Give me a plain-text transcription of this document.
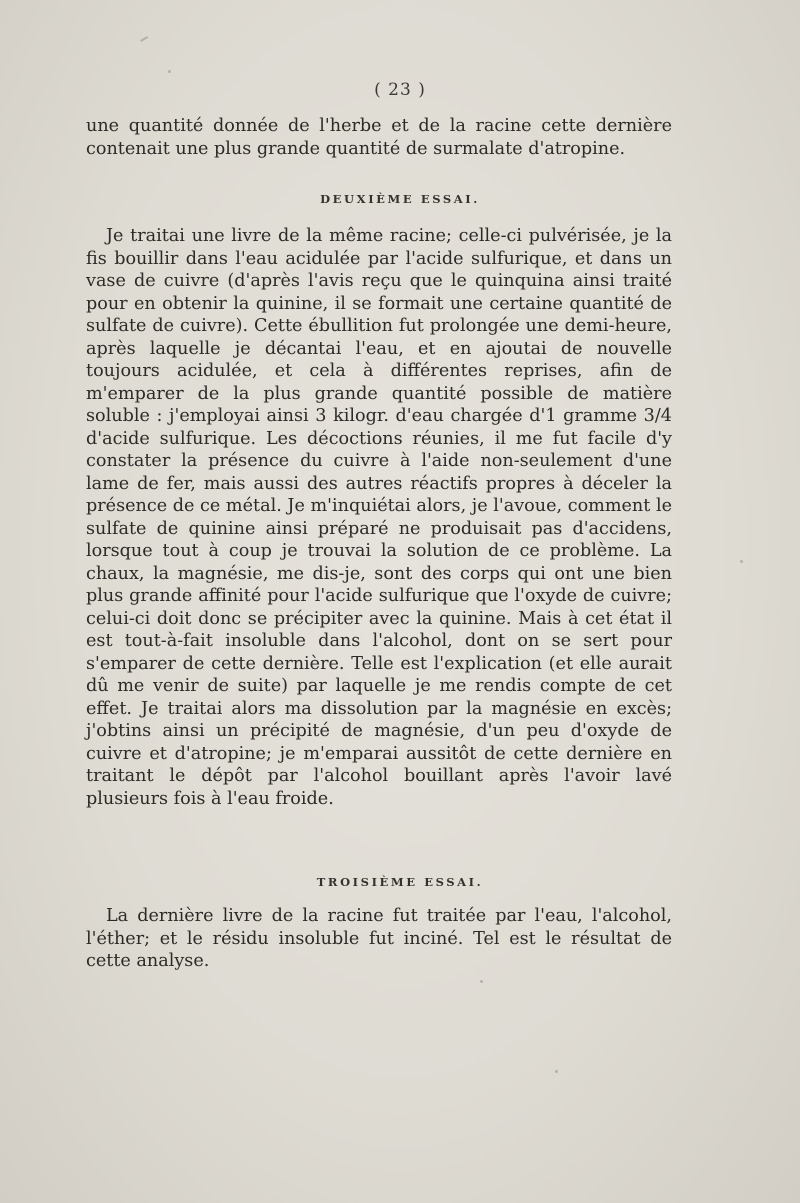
( 23 )

une quantité donnée de l'herbe et de la racine cette dernière contenait une plus grande quantité de surmalate d'atropine.

DEUXIÈME ESSAI.

Je traitai une livre de la même racine; celle-ci pulvérisée, je la fis bouillir dans l'eau acidulée par l'acide sulfurique, et dans un vase de cuivre (d'après l'avis reçu que le quinquina ainsi traité pour en obtenir la quinine, il se formait une certaine quantité de sulfate de cuivre). Cette ébullition fut prolongée une demi-heure, après laquelle je décantai l'eau, et en ajoutai de nouvelle toujours acidulée, et cela à différentes reprises, afin de m'emparer de la plus grande quantité possible de matière soluble : j'employai ainsi 3 kilogr. d'eau chargée d'1 gramme 3/4 d'acide sulfurique. Les décoctions réunies, il me fut facile d'y constater la présence du cuivre à l'aide non-seulement d'une lame de fer, mais aussi des autres réactifs propres à déceler la présence de ce métal. Je m'inquiétai alors, je l'avoue, comment le sulfate de quinine ainsi préparé ne produisait pas d'accidens, lorsque tout à coup je trouvai la solution de ce problème. La chaux, la magnésie, me dis-je, sont des corps qui ont une bien plus grande affinité pour l'acide sulfurique que l'oxyde de cuivre; celui-ci doit donc se précipiter avec la quinine. Mais à cet état il est tout-à-fait insoluble dans l'alcohol, dont on se sert pour s'emparer de cette dernière. Telle est l'explication (et elle aurait dû me venir de suite) par laquelle je me rendis compte de cet effet. Je traitai alors ma dissolution par la magnésie en excès; j'obtins ainsi un précipité de magnésie, d'un peu d'oxyde de cuivre et d'atropine; je m'emparai aussitôt de cette dernière en traitant le dépôt par l'alcohol bouillant après l'avoir lavé plusieurs fois à l'eau froide.

TROISIÈME ESSAI.

La dernière livre de la racine fut traitée par l'eau, l'alcohol, l'éther; et le résidu insoluble fut inciné. Tel est le résultat de cette analyse.
